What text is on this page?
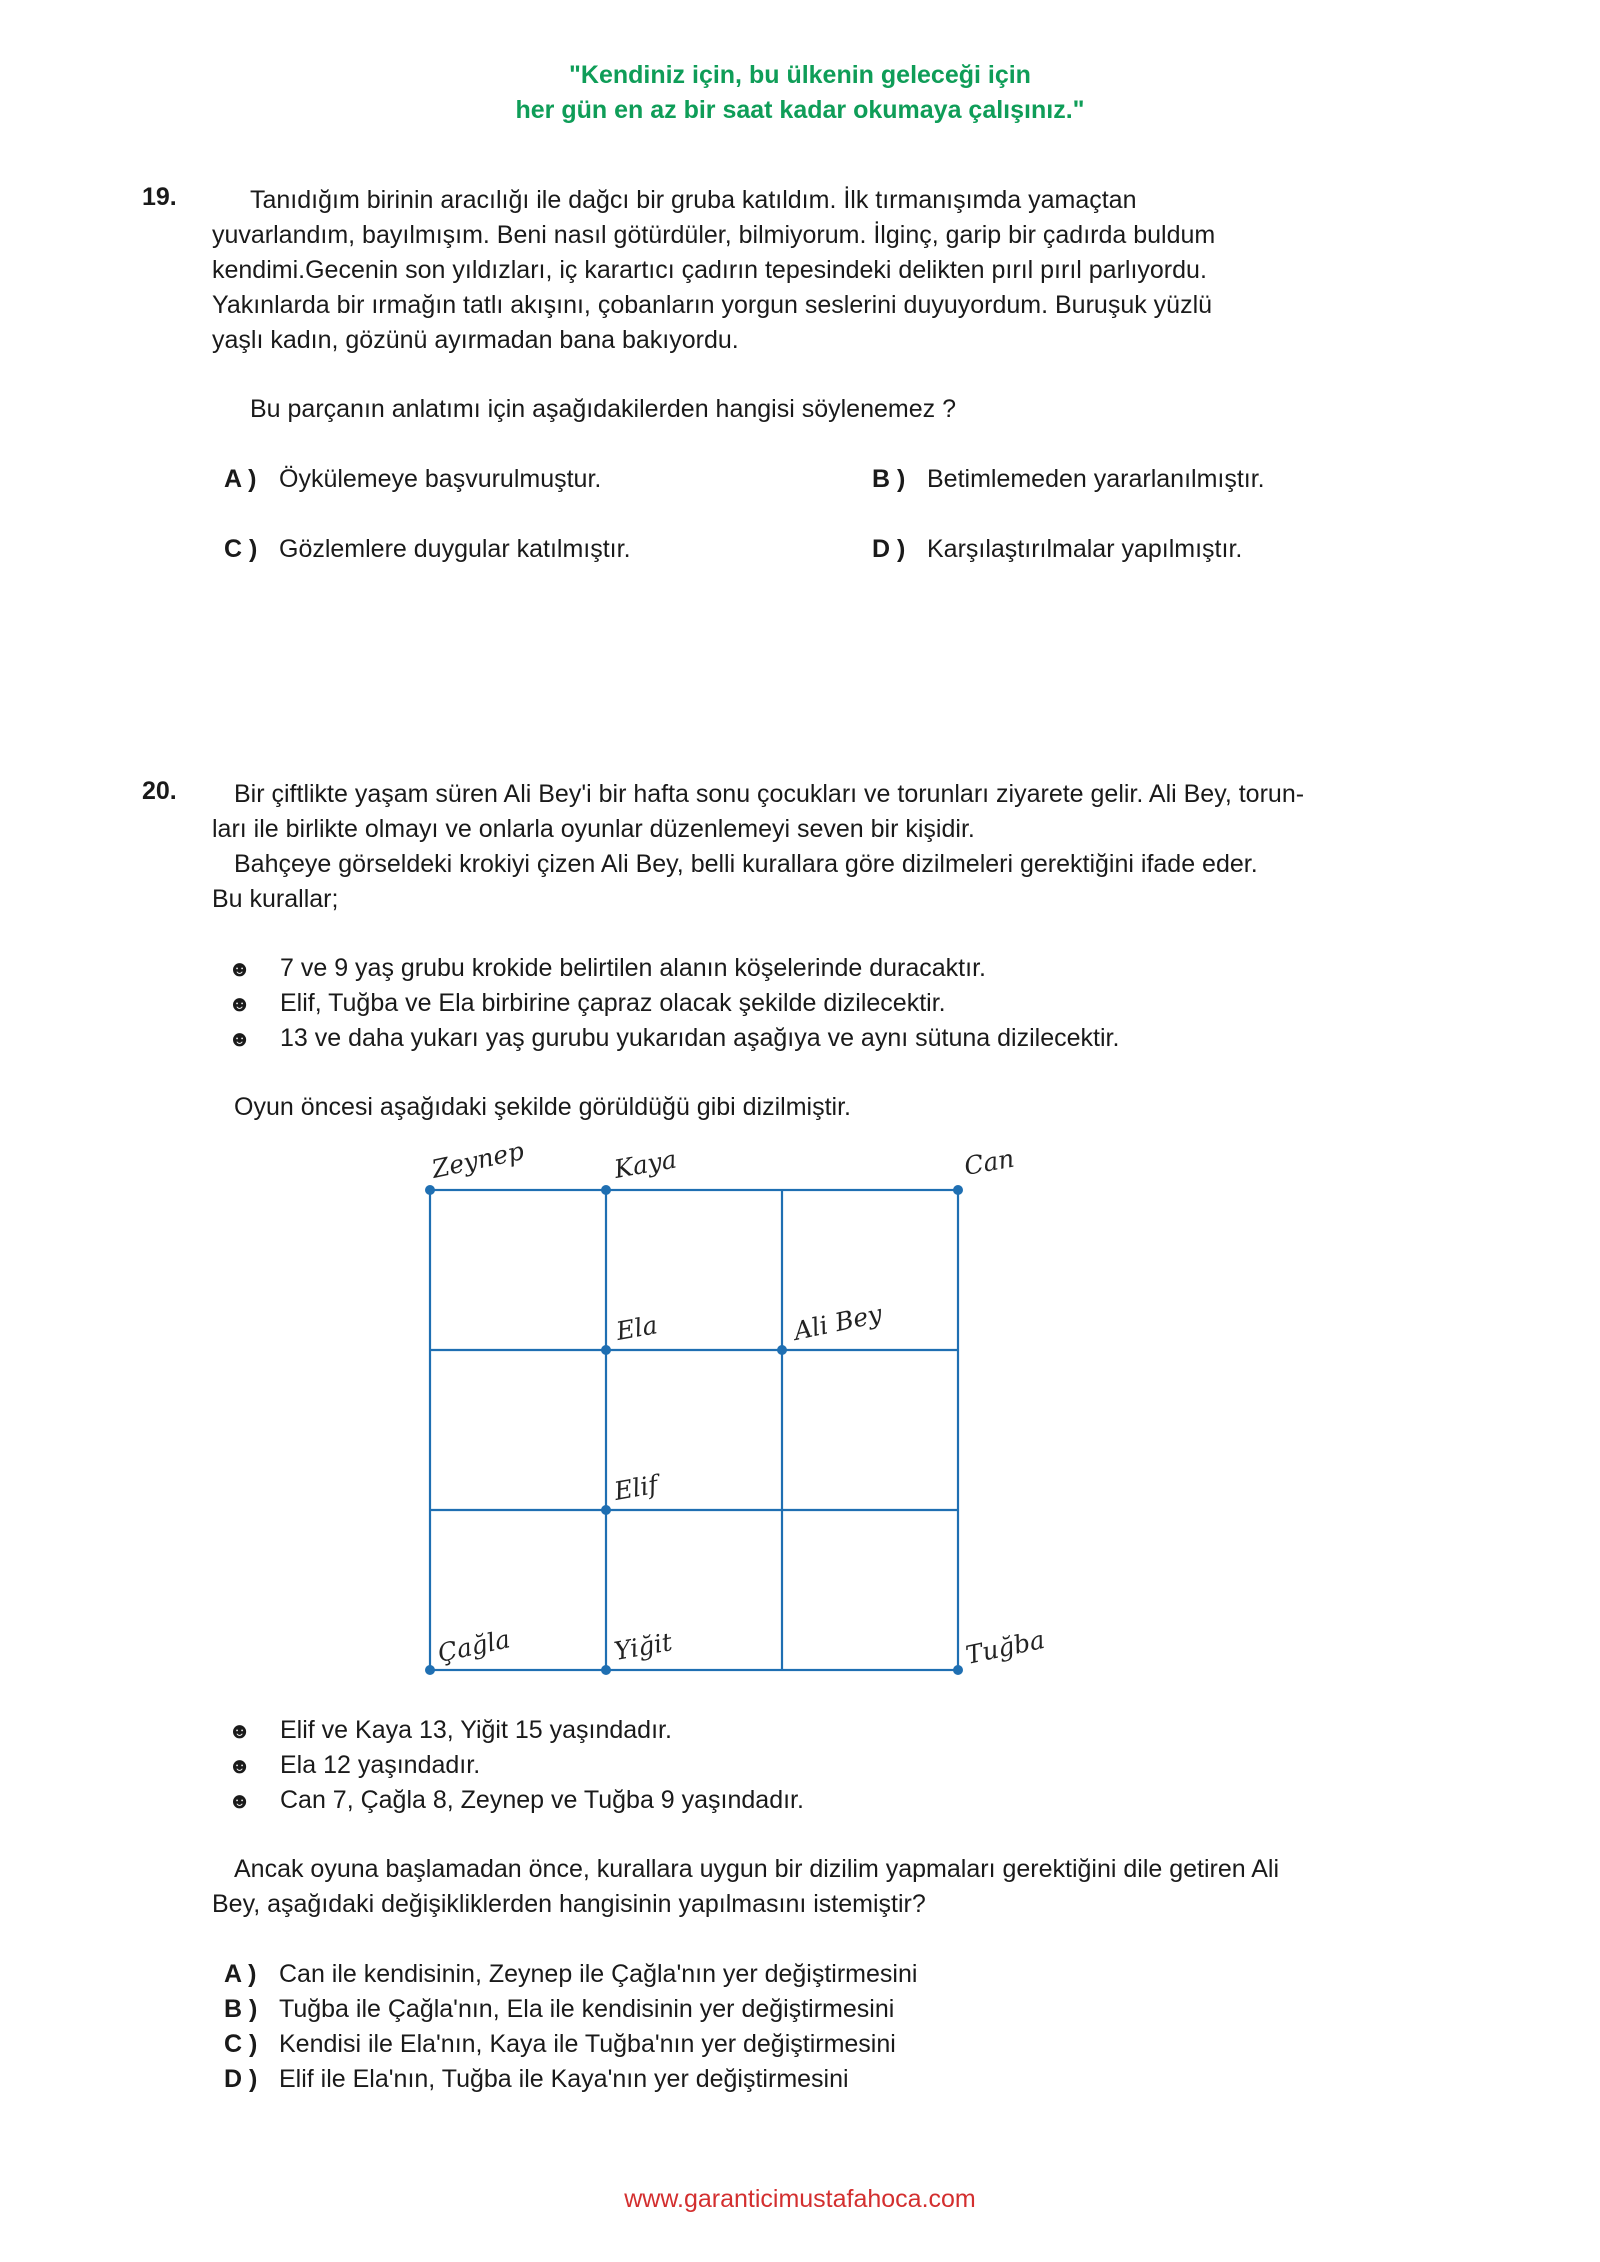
"Kendiniz için, bu ülkenin geleceği için
her gün en az bir saat kadar okumaya çalışınız."
19.	Tanıdığım birinin aracılığı ile dağcı bir gruba katıldım. İlk tırmanışımda yamaçtan
yuvarlandım, bayılmışım. Beni nasıl götürdüler, bilmiyorum. İlginç, garip bir çadırda buldum
kendimi.Gecenin son yıldızları, iç karartıcı çadırın tepesindeki delikten pırıl pırıl parlıyordu.
Yakınlarda bir ırmağın tatlı akışını, çobanların yorgun seslerini duyuyordum. Buruşuk yüzlü
yaşlı kadın, gözünü ayırmadan bana bakıyordu.
Bu parçanın anlatımı için aşağıdakilerden hangisi söylenemez ?
A ) Öykülemeye başvurulmuştur.	B ) Betimlemeden yararlanılmıştır.
C ) Gözlemlere duygular katılmıştır.	D ) Karşılaştırılmalar yapılmıştır.
20.	Bir çiftlikte yaşam süren Ali Bey'i bir hafta sonu çocukları ve torunları ziyarete gelir. Ali Bey, torun-
ları ile birlikte olmayı ve onlarla oyunlar düzenlemeyi seven bir kişidir.
Bahçeye görseldeki krokiyi çizen Ali Bey, belli kurallara göre dizilmeleri gerektiğini ifade eder.
Bu kurallar;
☻ 7 ve 9 yaş grubu krokide belirtilen alanın köşelerinde duracaktır.
☻ Elif, Tuğba ve Ela birbirine çapraz olacak şekilde dizilecektir.
☻ 13 ve daha yukarı yaş gurubu yukarıdan aşağıya ve aynı sütuna dizilecektir.
Oyun öncesi aşağıdaki şekilde görüldüğü gibi dizilmiştir.
Zeynep	Kaya	Can
Ela	Ali Bey
Elif
Çağla	Yiğit	Tuğba
☻ Elif ve Kaya 13, Yiğit 15 yaşındadır.
☻ Ela 12 yaşındadır.
☻ Can 7, Çağla 8, Zeynep ve Tuğba 9 yaşındadır.
Ancak oyuna başlamadan önce, kurallara uygun bir dizilim yapmaları gerektiğini dile getiren Ali
Bey, aşağıdaki değişikliklerden hangisinin yapılmasını istemiştir?
A ) Can ile kendisinin, Zeynep ile Çağla'nın yer değiştirmesini
B ) Tuğba ile Çağla'nın, Ela ile kendisinin yer değiştirmesini
C ) Kendisi ile Ela'nın, Kaya ile Tuğba'nın yer değiştirmesini
D ) Elif ile Ela'nın, Tuğba ile Kaya'nın yer değiştirmesini
www.garanticimustafahoca.com
